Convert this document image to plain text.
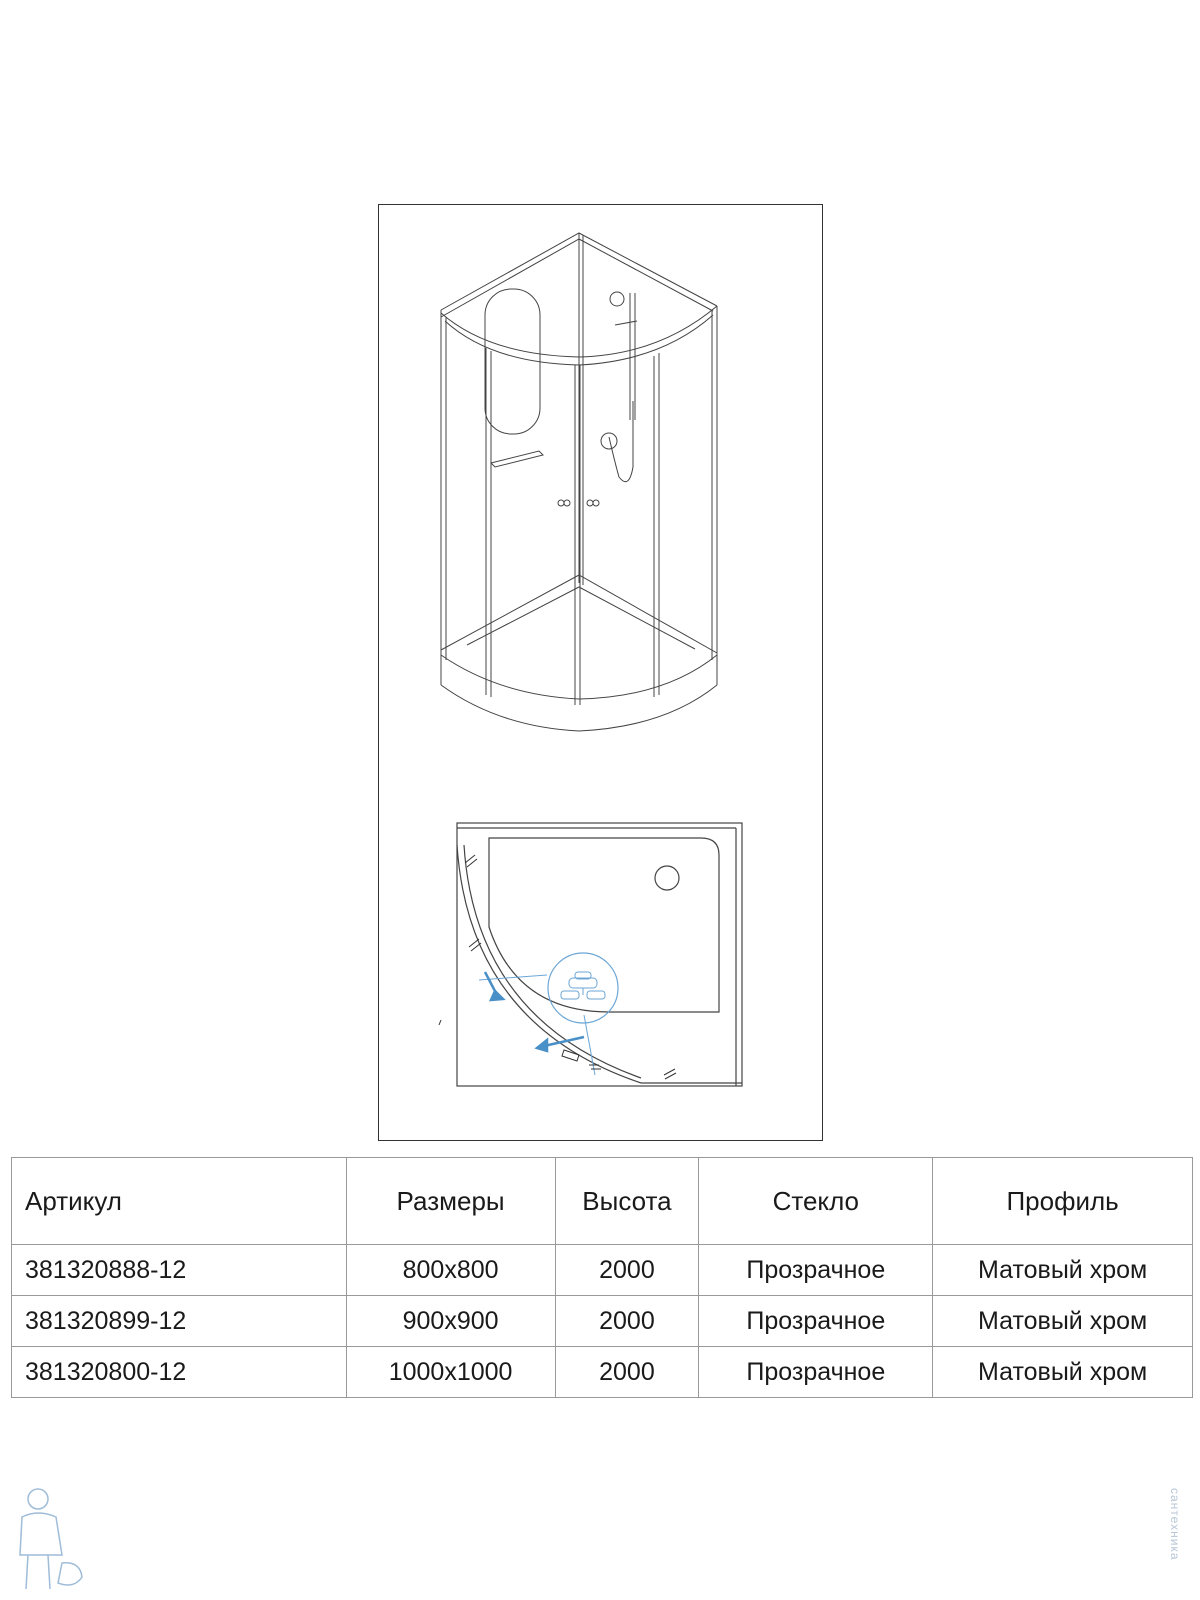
Артикул	Размеры	Высота	Стекло	Профиль
381320888-12	800x800	2000	Прозрачное	Матовый хром
381320899-12	900x900	2000	Прозрачное	Матовый хром
381320800-12	1000x1000	2000	Прозрачное	Матовый хром
сантехника
